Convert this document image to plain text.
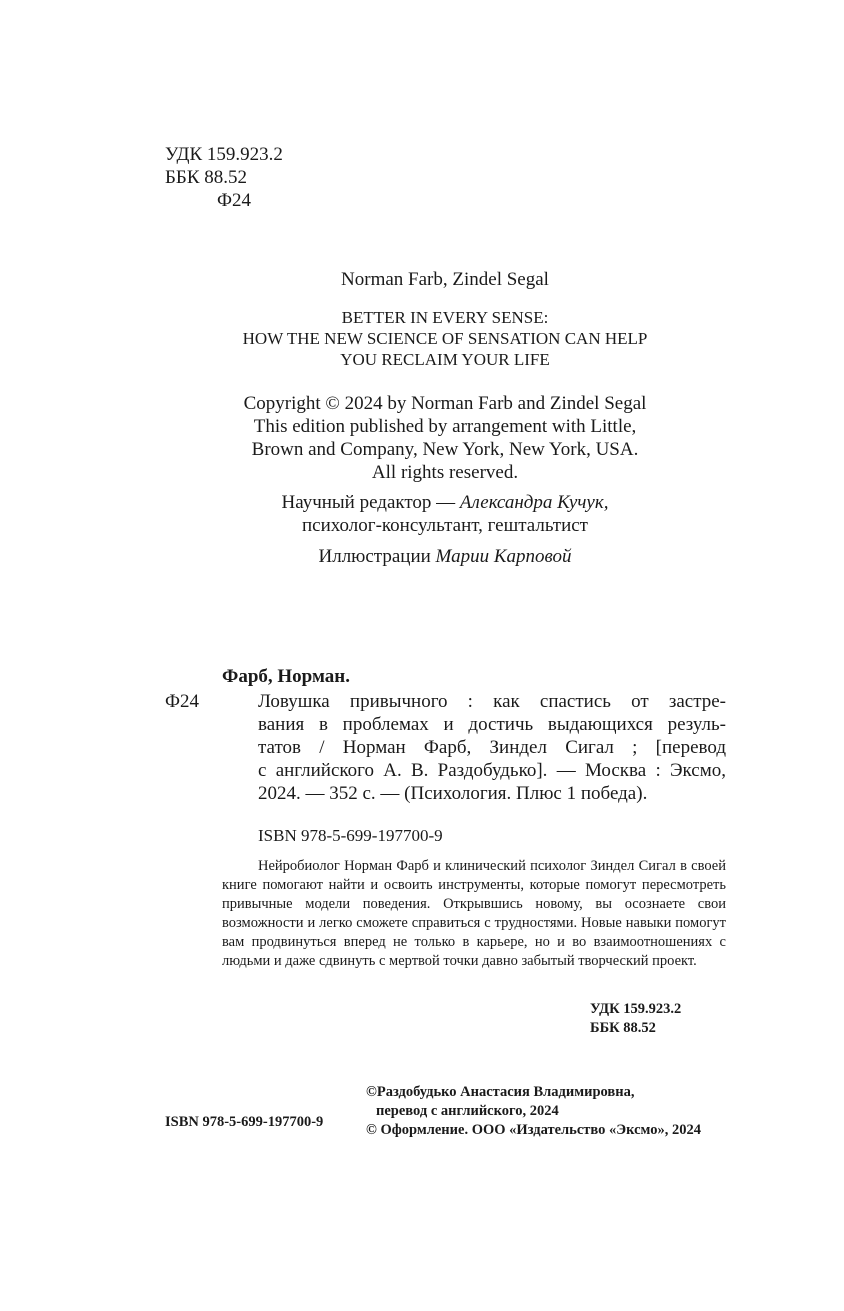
УДК 159.923.2
ББК 88.52
Ф24
Norman Farb, Zindel Segal
BETTER IN EVERY SENSE:
HOW THE NEW SCIENCE OF SENSATION CAN HELP
YOU RECLAIM YOUR LIFE
Copyright © 2024 by Norman Farb and Zindel Segal
This edition published by arrangement with Little,
Brown and Company, New York, New York, USA.
All rights reserved.
Научный редактор — Александра Кучук,
психолог-консультант, гештальтист
Иллюстрации Марии Карповой
Фарб, Норман.
Ф24	Ловушка привычного : как спастись от застре-
вания в проблемах и достичь выдающихся резуль-
татов / Норман Фарб, Зиндел Сигал ; [перевод
с английского А. В. Раздобудько]. — Москва : Эксмо,
2024. — 352 с. — (Психология. Плюс 1 победа).
ISBN 978-5-699-197700-9

Нейробиолог Норман Фарб и клинический психолог Зиндел Сигал в своей книге помогают найти и освоить инструменты, которые помогут пересмотреть привычные модели поведения. Открывшись новому, вы осознаете свои возможности и легко сможете справиться с трудностями. Новые навыки помогут вам продвинуться вперед не только в карьере, но и во взаимоотношениях с людьми и даже сдвинуть с мертвой точки давно забытый творческий проект.

УДК 159.923.2
ББК 88.52
ISBN 978-5-699-197700-9
©Раздобудько Анастасия Владимировна,
перевод с английского, 2024
© Оформление. ООО «Издательство «Эксмо», 2024
